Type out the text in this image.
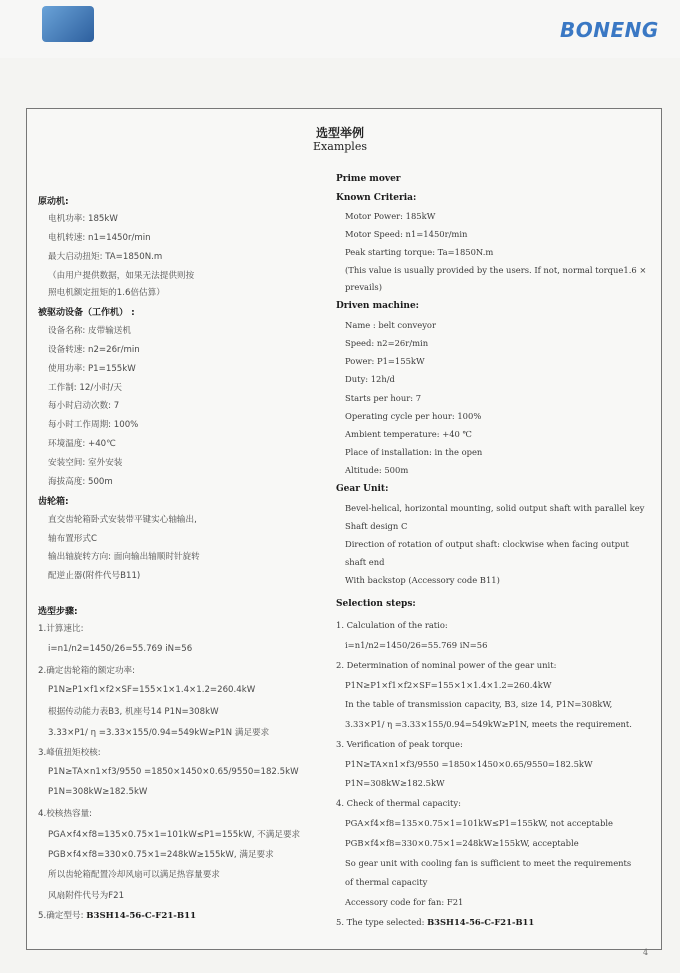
BONENG
选型举例
Examples
原动机:
电机功率: 185kW
电机转速: n1=1450r/min
最大启动扭矩: TA=1850N.m
（由用户提供数据，如果无法提供则按
照电机额定扭矩的1.6倍估算）
被驱动设备（工作机） :
设备名称: 皮带输送机
设备转速: n2=26r/min
使用功率: P1=155kW
工作制: 12/小时/天
每小时启动次数: 7
每小时工作周期: 100%
环境温度: +40℃
安装空间: 室外安装
海拔高度: 500m
齿轮箱:
直交齿轮箱卧式安装带平键实心轴输出,
轴布置形式C
输出轴旋转方向: 面向输出轴顺时针旋转
配逆止器(附件代号B11)
选型步骤:
1.计算速比:
i=n1/n2=1450/26=55.769 iN=56
2.确定齿轮箱的额定功率:
P1N≥P1×f1×f2×SF=155×1×1.4×1.2=260.4kW
根据传动能力表B3, 机座号14 P1N=308kW
3.33×P1/ η =3.33×155/0.94=549kW≥P1N 满足要求
3.峰值扭矩校核:
P1N≥TA×n1×f3/9550 =1850×1450×0.65/9550=182.5kW
P1N=308kW≥182.5kW
4.校核热容量:
PGA×f4×f8=135×0.75×1=101kW≤P1=155kW, 不满足要求
PGB×f4×f8=330×0.75×1=248kW≥155kW, 满足要求
所以齿轮箱配置冷却风扇可以满足热容量要求
风扇附件代号为F21
5.确定型号: B3SH14-56-C-F21-B11
Prime mover
Known Criteria:
Motor Power: 185kW
Motor Speed: n1=1450r/min
Peak starting torque: Ta=1850N.m
(This value is usually provided by the users. If not, normal torque1.6 ×
prevails)
Driven machine:
Name : belt conveyor
Speed: n2=26r/min
Power: P1=155kW
Duty: 12h/d
Starts per hour: 7
Operating cycle per hour: 100%
Ambient temperature: +40 ℃
Place of installation: in the open
Altitude: 500m
Gear Unit:
Bevel-helical, horizontal mounting, solid output shaft with parallel key
Shaft design C
Direction of rotation of output shaft: clockwise when facing output
shaft end
With backstop (Accessory code B11)
Selection steps:
1. Calculation of the ratio:
i=n1/n2=1450/26=55.769 iN=56
2. Determination of nominal power of the gear unit:
P1N≥P1×f1×f2×SF=155×1×1.4×1.2=260.4kW
In the table of transmission capacity, B3, size 14, P1N=308kW,
3.33×P1/ η =3.33×155/0.94=549kW≥P1N, meets the requirement.
3. Verification of peak torque:
P1N≥TA×n1×f3/9550 =1850×1450×0.65/9550=182.5kW
P1N=308kW≥182.5kW
4. Check of thermal capacity:
PGA×f4×f8=135×0.75×1=101kW≤P1=155kW, not acceptable
PGB×f4×f8=330×0.75×1=248kW≥155kW, acceptable
So gear unit with cooling fan is sufficient to meet the requirements
of thermal capacity
Accessory code for fan: F21
5. The type selected: B3SH14-56-C-F21-B11
4
